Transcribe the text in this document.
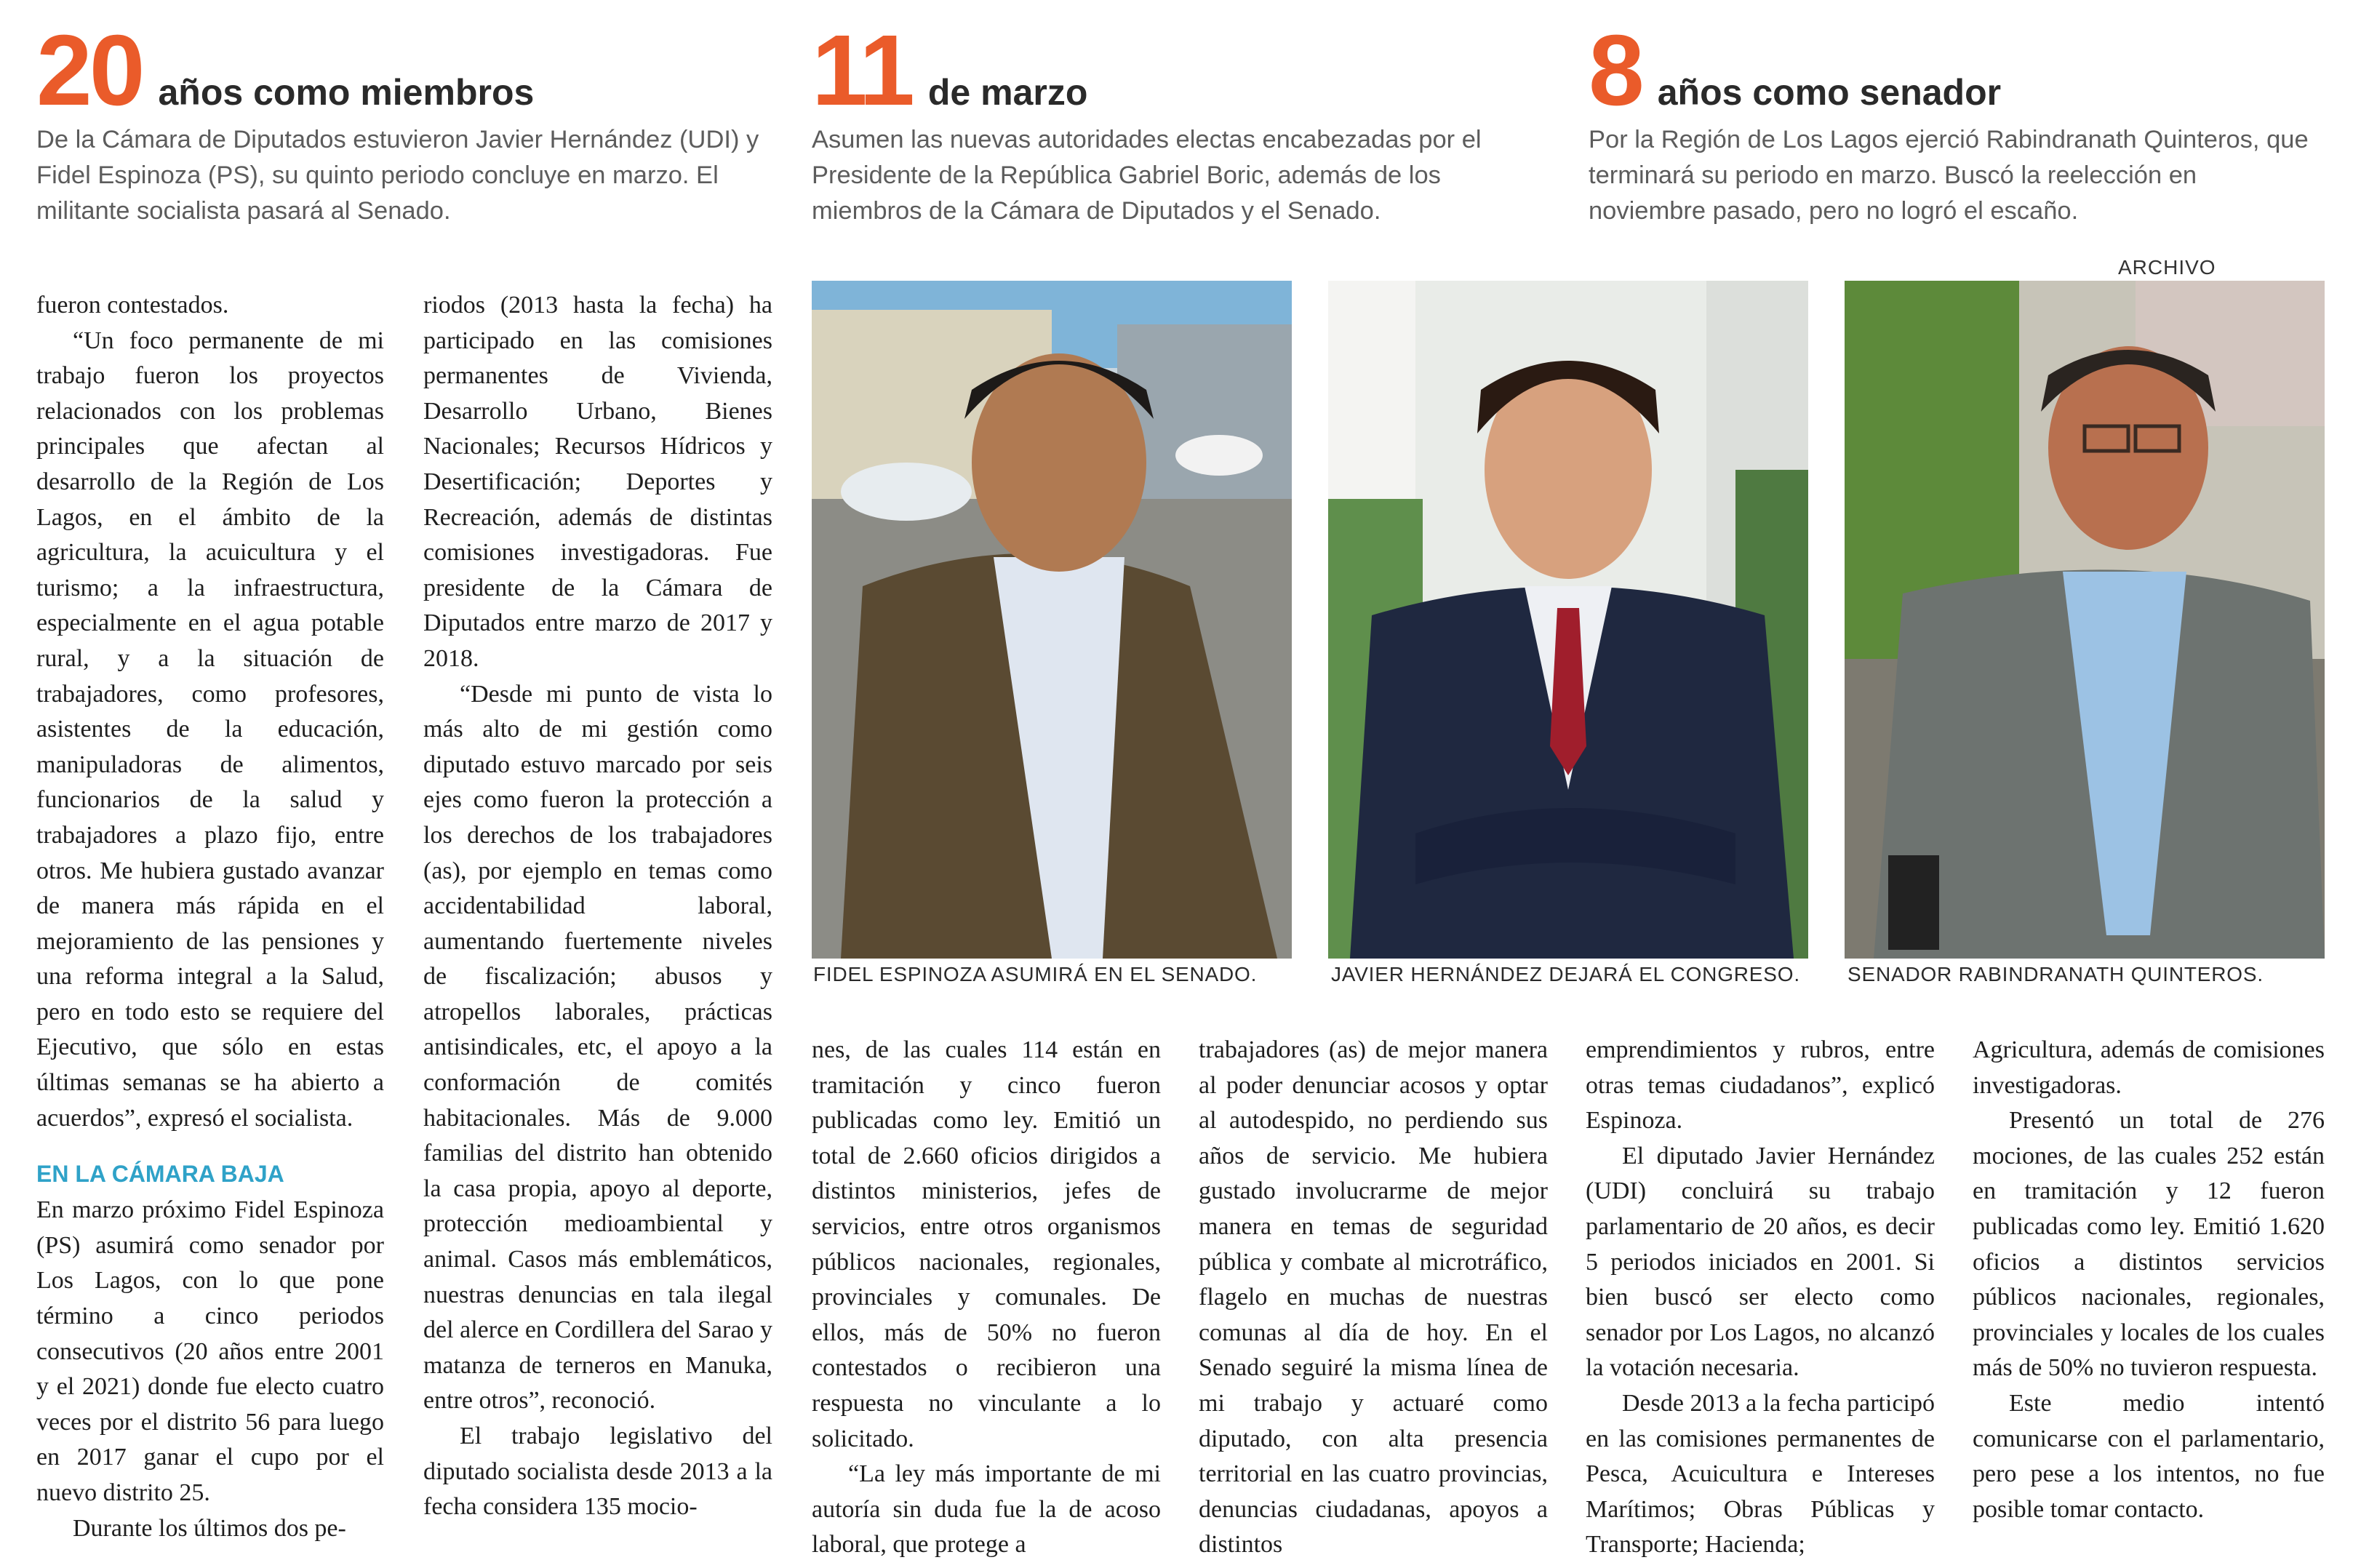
20 años como miembros
De la Cámara de Diputados estuvieron Javier Hernández (UDI) y Fidel Espinoza (PS), su quinto periodo concluye en marzo. El militante socialista pasará al Senado.
11 de marzo
Asumen las nuevas autoridades electas encabezadas por el Presidente de la República Gabriel Boric, además de los miembros de la Cámara de Diputados y el Senado.
8 años como senador
Por la Región de Los Lagos ejerció Rabindranath Quinteros, que terminará su periodo en marzo. Buscó la reelección en noviembre pasado, pero no logró el escaño.
ARCHIVO
FIDEL ESPINOZA ASUMIRÁ EN EL SENADO.	JAVIER HERNÁNDEZ DEJARÁ EL CONGRESO. SENADOR RABINDRANATH QUINTEROS.

fueron contestados.

“Un foco permanente de mi trabajo fueron los proyectos relacionados con los problemas principales que afectan al desarrollo de la Región de Los Lagos, en el ámbito de la agricultura, la acuicultura y el turismo; a la infraestructura, especialmente en el agua potable rural, y a la situación de trabajadores, como profesores, asistentes de la educación, manipuladoras de alimentos, funcionarios de la salud y trabajadores a plazo fijo, entre otros. Me hubiera gustado avanzar de manera más rápida en el mejoramiento de las pensiones y una reforma integral a la Salud, pero en todo esto se requiere del Ejecutivo, que sólo en estas últimas semanas se ha abierto a acuerdos”, expresó el socialista.

EN LA CÁMARA BAJA

En marzo próximo Fidel Espinoza (PS) asumirá como senador por Los Lagos, con lo que pone término a cinco periodos consecutivos (20 años entre 2001 y el 2021) donde fue electo cuatro veces por el distrito 56 para luego en 2017 ganar el cupo por el nuevo distrito 25.

Durante los últimos dos pe-

riodos (2013 hasta la fecha) ha participado en las comisiones permanentes de Vivienda, Desarrollo Urbano, Bienes Nacionales; Recursos Hídricos y Desertificación; Deportes y Recreación, además de distintas comisiones investigadoras. Fue presidente de la Cámara de Diputados entre marzo de 2017 y 2018.

“Desde mi punto de vista lo más alto de mi gestión como diputado estuvo marcado por seis ejes como fueron la protección a los derechos de los trabajadores (as), por ejemplo en temas como accidentabilidad laboral, aumentando fuertemente niveles de fiscalización; abusos y atropellos laborales, prácticas antisindicales, etc, el apoyo a la conformación de comités habitacionales. Más de 9.000 familias del distrito han obtenido la casa propia, apoyo al deporte, protección medioambiental y animal. Casos más emblemáticos, nuestras denuncias en tala ilegal del alerce en Cordillera del Sarao y matanza de terneros en Manuka, entre otros”, reconoció.

El trabajo legislativo del diputado socialista desde 2013 a la fecha considera 135 mocio-

nes, de las cuales 114 están en tramitación y cinco fueron publicadas como ley. Emitió un total de 2.660 oficios dirigidos a distintos ministerios, jefes de servicios, entre otros organismos públicos nacionales, regionales, provinciales y comunales. De ellos, más de 50% no fueron contestados o recibieron una respuesta no vinculante a lo solicitado.

“La ley más importante de mi autoría sin duda fue la de acoso laboral, que protege a

trabajadores (as) de mejor manera al poder denunciar acosos y optar al autodespido, no perdiendo sus años de servicio. Me hubiera gustado involucrarme de mejor manera en temas de seguridad pública y combate al microtráfico, flagelo en muchas de nuestras comunas al día de hoy. En el Senado seguiré la misma línea de mi trabajo y actuaré como diputado, con alta presencia territorial en las cuatro provincias, denuncias ciudadanas, apoyos a distintos

emprendimientos y rubros, entre otras temas ciudadanos”, explicó Espinoza.

El diputado Javier Hernández (UDI) concluirá su trabajo parlamentario de 20 años, es decir 5 periodos iniciados en 2001. Si bien buscó ser electo como senador por Los Lagos, no alcanzó la votación necesaria.

Desde 2013 a la fecha participó en las comisiones permanentes de Pesca, Acuicultura e Intereses Marítimos; Obras Públicas y Transporte; Hacienda;

Agricultura, además de comisiones investigadoras.

Presentó un total de 276 mociones, de las cuales 252 están en tramitación y 12 fueron publicadas como ley. Emitió 1.620 oficios a distintos servicios públicos nacionales, regionales, provinciales y locales de los cuales más de 50% no tuvieron respuesta.

Este medio intentó comunicarse con el parlamentario, pero pese a los intentos, no fue posible tomar contacto.
